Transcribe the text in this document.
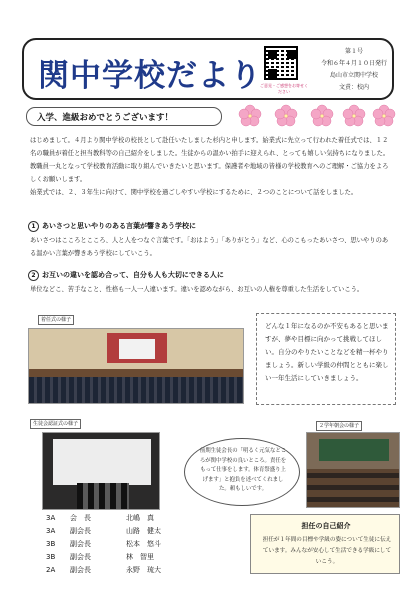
関中学校だより
ご意見・ご感想をお寄せください
第１号
令和６年４月１０日発行
島山市立関中学校
文責：校内
入学、進級おめでとうございます！

はじめまして。４月より関中学校の校長として赴任いたしました杉内と申します。始業式に先立って行われた着任式では、１２名の職員が着任と担当教科等の自己紹介をしました。生徒からの温かい拍手に迎えられ、とっても嬉しい気持ちになりました。教職員一丸となって学校教育活動に取り組んでいきたいと思います。保護者や地域の皆様の学校教育へのご理解・ご協力をよろしくお願いします。

始業式では、２、３年生に向けて、関中学校を過ごしやすい学校にするために、２つのことについて話をしました。

1 あいさつと思いやりのある言葉が響きあう学校に
あいさつはこころとこころ、人と人をつなぐ言葉です。「おはよう」「ありがとう」など、心のこもったあいさつ、思いやりのある温かい言葉が響きあう学校にしていこう。
2 お互いの違いを認め合って、自分も人も大切にできる人に
単位などこ、苦手なこと、性格も一人一人違います。違いを認めながら、お互いの人権を尊重した生活をしていこう。
着任式の様子
どんな１年になるのか不安もあると思いますが、夢や目標に向かって挑戦してほしい。自分のやりたいことなどを精一杯やりましょう。新しい学級の仲間とともに楽しい一年生活にしていきましょう。
生徒会認証式の様子
前期生徒会長の「明るく元気なところが関中学校の良いところ。責任をもって仕事をします。体育祭盛り上げます」と抱負を述べてくれました。頼もしいです。
２学年朝会の様子
3A 会　長	北嶋　真
3A 副会長	山路　健太
3B 副会長	松本　悠斗
3B 副会長	林　智里
2A 副会長	永野　琉大
担任の自己紹介
担任が１年間の目標や学級の姿について生徒に伝えています。みんなが安心して生活できる学級にしていこう。
